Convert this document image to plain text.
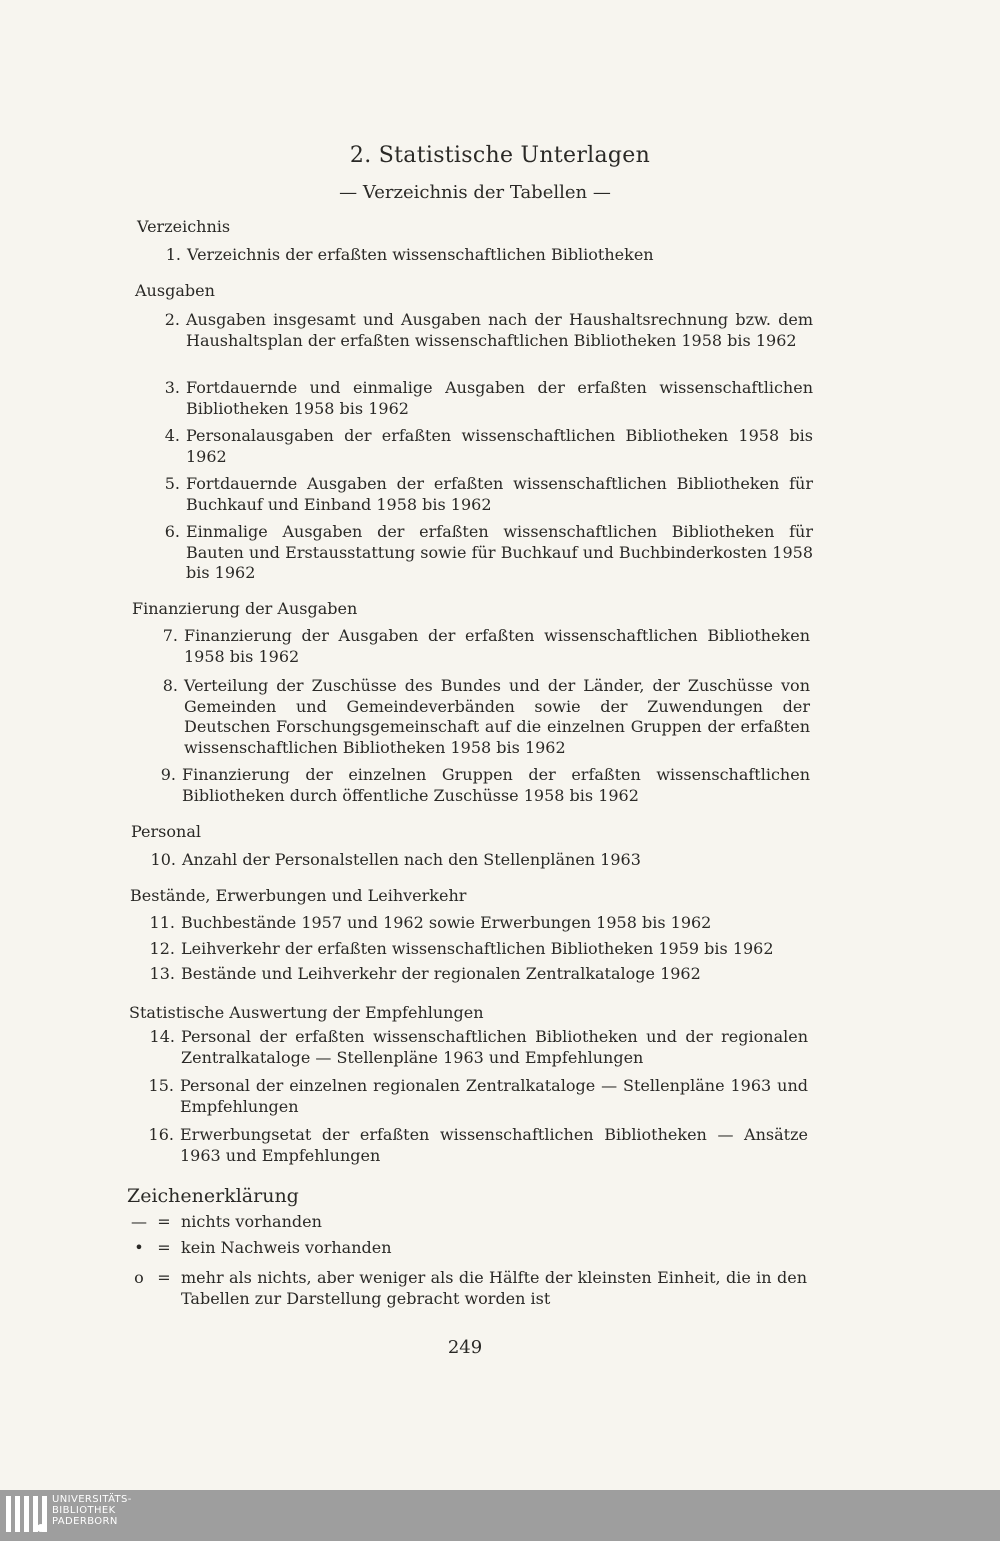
2. Statistische Unterlagen
— Verzeichnis der Tabellen —
Verzeichnis
1. Verzeichnis der erfaßten wissenschaftlichen Bibliotheken
Ausgaben
2. Ausgaben insgesamt und Ausgaben nach der Haushaltsrechnung bzw. dem Haushaltsplan der erfaßten wissenschaftlichen Bibliotheken 1958 bis 1962
3. Fortdauernde und einmalige Ausgaben der erfaßten wissenschaftlichen Bibliotheken 1958 bis 1962
4. Personalausgaben der erfaßten wissenschaftlichen Bibliotheken 1958 bis 1962
5. Fortdauernde Ausgaben der erfaßten wissenschaftlichen Bibliotheken für Buchkauf und Einband 1958 bis 1962
6. Einmalige Ausgaben der erfaßten wissenschaftlichen Bibliotheken für Bauten und Erstausstattung sowie für Buchkauf und Buchbinderkosten 1958 bis 1962
Finanzierung der Ausgaben
7. Finanzierung der Ausgaben der erfaßten wissenschaftlichen Bibliotheken 1958 bis 1962
8. Verteilung der Zuschüsse des Bundes und der Länder, der Zuschüsse von Gemeinden und Gemeindeverbänden sowie der Zuwendungen der Deutschen Forschungsgemeinschaft auf die einzelnen Gruppen der erfaßten wissenschaftlichen Bibliotheken 1958 bis 1962
9. Finanzierung der einzelnen Gruppen der erfaßten wissenschaftlichen Bibliotheken durch öffentliche Zuschüsse 1958 bis 1962
Personal
10. Anzahl der Personalstellen nach den Stellenplänen 1963
Bestände, Erwerbungen und Leihverkehr
11. Buchbestände 1957 und 1962 sowie Erwerbungen 1958 bis 1962
12. Leihverkehr der erfaßten wissenschaftlichen Bibliotheken 1959 bis 1962
13. Bestände und Leihverkehr der regionalen Zentralkataloge 1962
Statistische Auswertung der Empfehlungen
14. Personal der erfaßten wissenschaftlichen Bibliotheken und der regionalen Zentralkataloge — Stellenpläne 1963 und Empfehlungen
15. Personal der einzelnen regionalen Zentralkataloge — Stellenpläne 1963 und Empfehlungen
16. Erwerbungsetat der erfaßten wissenschaftlichen Bibliotheken — Ansätze 1963 und Empfehlungen
Zeichenerklärung
— = nichts vorhanden
• = kein Nachweis vorhanden
o = mehr als nichts, aber weniger als die Hälfte der kleinsten Einheit, die in den Tabellen zur Darstellung gebracht worden ist
249
UNIVERSITÄTS-
BIBLIOTHEK
PADERBORN
